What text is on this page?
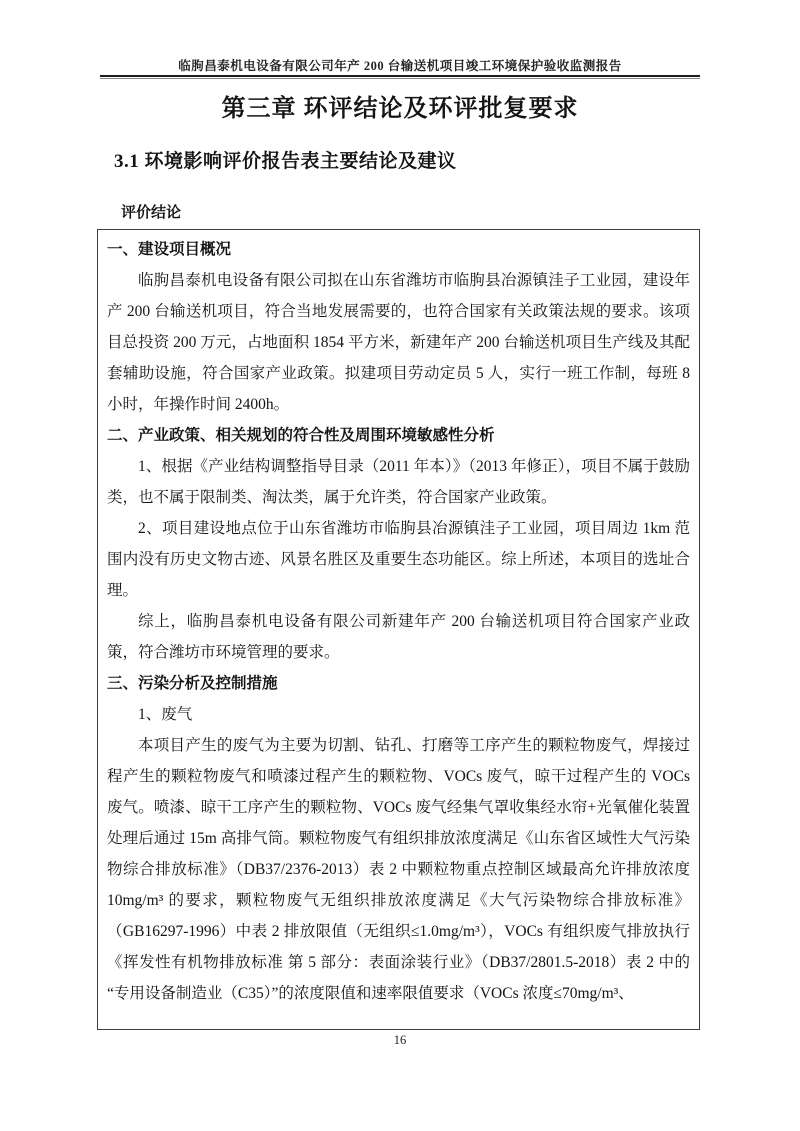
临朐昌泰机电设备有限公司年产 200 台输送机项目竣工环境保护验收监测报告
第三章 环评结论及环评批复要求
3.1 环境影响评价报告表主要结论及建议
评价结论

一、建设项目概况

临朐昌泰机电设备有限公司拟在山东省潍坊市临朐县冶源镇洼子工业园，建设年产 200 台输送机项目，符合当地发展需要的，也符合国家有关政策法规的要求。该项目总投资 200 万元，占地面积 1854 平方米，新建年产 200 台输送机项目生产线及其配套辅助设施，符合国家产业政策。拟建项目劳动定员 5 人，实行一班工作制，每班 8 小时，年操作时间 2400h。

二、产业政策、相关规划的符合性及周围环境敏感性分析

1、根据《产业结构调整指导目录（2011 年本）》（2013 年修正），项目不属于鼓励类，也不属于限制类、淘汰类，属于允许类，符合国家产业政策。

2、项目建设地点位于山东省潍坊市临朐县冶源镇洼子工业园，项目周边 1km 范围内没有历史文物古迹、风景名胜区及重要生态功能区。综上所述，本项目的选址合理。

综上，临朐昌泰机电设备有限公司新建年产 200 台输送机项目符合国家产业政策，符合潍坊市环境管理的要求。

三、污染分析及控制措施

1、废气

本项目产生的废气为主要为切割、钻孔、打磨等工序产生的颗粒物废气，焊接过程产生的颗粒物废气和喷漆过程产生的颗粒物、VOCs 废气，晾干过程产生的 VOCs 废气。喷漆、晾干工序产生的颗粒物、VOCs 废气经集气罩收集经水帘+光氧催化装置处理后通过 15m 高排气筒。颗粒物废气有组织排放浓度满足《山东省区域性大气污染物综合排放标准》（DB37/2376-2013）表 2 中颗粒物重点控制区域最高允许排放浓度 10mg/m³ 的要求，颗粒物废气无组织排放浓度满足《大气污染物综合排放标准》（GB16297-1996）中表 2 排放限值（无组织≤1.0mg/m³），VOCs 有组织废气排放执行《挥发性有机物排放标准 第 5 部分：表面涂装行业》（DB37/2801.5-2018）表 2 中的“专用设备制造业（C35）”的浓度限值和速率限值要求（VOCs 浓度≤70mg/m³、

16
